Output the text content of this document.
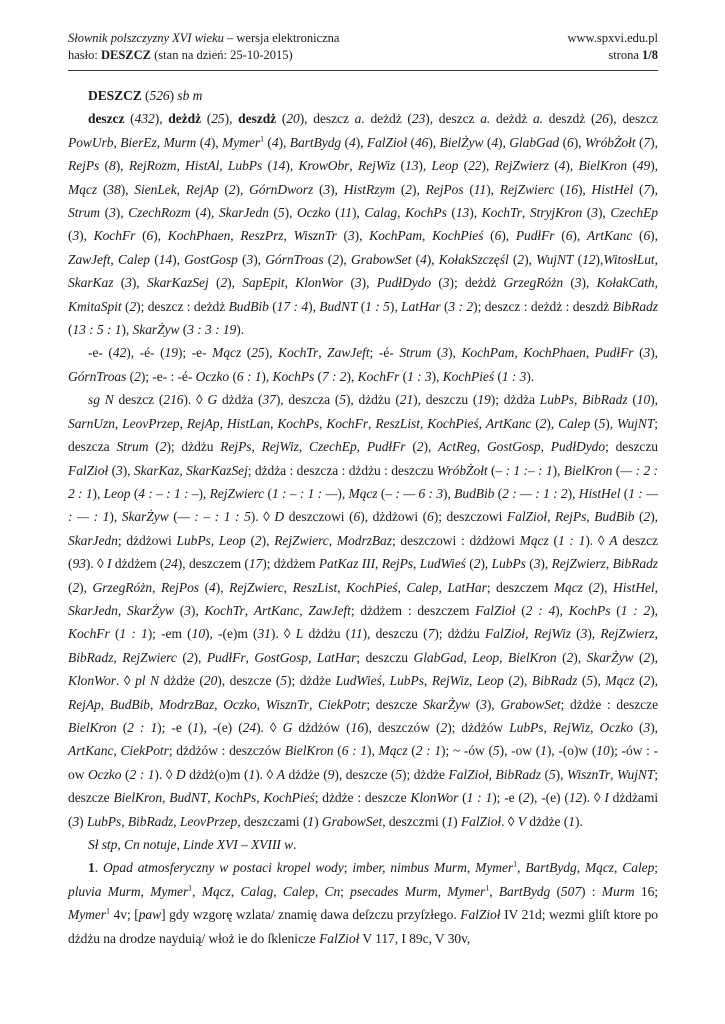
Słownik polszczyzny XVI wieku – wersja elektroniczna	www.spxvi.edu.pl
hasło: DESZCZ (stan na dzień: 25-10-2015)	strona 1/8

DESZCZ (526) sb m

deszcz (432), deżdż (25), deszdż (20), deszcz a. deżdż (23), deszcz a. deżdż a. deszdż (26), deszcz PowUrb, BierEz, Murm (4), Mymer$^1$ (4), BartBydg (4), FalZioł (46), BielŻyw (4), GlabGad (6), WróbŻołt (7), RejPs (8), RejRozm, HistAl, LubPs (14), KrowObr, RejWiz (13), Leop (22), RejZwierz (4), BielKron (49), Mącz (38), SienLek, RejAp (2), GórnDworz (3), HistRzym (2), RejPos (11), RejZwierc (16), HistHel (7), Strum (3), CzechRozm (4), SkarJedn (5), Oczko (11), Calag, KochPs (13), KochTr, StryjKron (3), CzechEp (3), KochFr (6), KochPhaen, ReszPrz, WisznTr (3), KochPam, KochPieś (6), PudłFr (6), ArtKanc (6), ZawJeft, Calep (14), GostGosp (3), GórnTroas (2), GrabowSet (4), KołakSzczęśl (2), WujNT (12),WitosłLut, SkarKaz (3), SkarKazSej (2), SapEpit, KlonWor (3), PudłDydo (3); deżdż GrzegRóżn (3), KołakCath, KmitaSpit (2); deszcz : deżdż BudBib (17 : 4), BudNT (1 : 5), LatHar (3 : 2); deszcz : deżdż : deszdż BibRadz (13 : 5 : 1), SkarŻyw (3 : 3 : 19).

-e- (42), -é- (19); -e- Mącz (25), KochTr, ZawJeft; -é- Strum (3), KochPam, KochPhaen, PudłFr (3), GórnTroas (2); -e- : -é- Oczko (6 : 1), KochPs (7 : 2), KochFr (1 : 3), KochPieś (1 : 3).

sg N deszcz (216). ◊ G dżdża (37), deszcza (5), dżdżu (21), deszczu (19); dżdża LubPs, BibRadz (10), SarnUzn, LeovPrzep, RejAp, HistLan, KochPs, KochFr, ReszList, KochPieś, ArtKanc (2), Calep (5), WujNT; deszcza Strum (2); dżdżu RejPs, RejWiz, CzechEp, PudłFr (2), ActReg, GostGosp, PudłDydo; deszczu FalZioł (3), SkarKaz, SkarKazSej; dżdża : deszcza : dżdżu : deszczu WróbŻołt (– : 1 :– : 1), BielKron (— : 2 : 2 : 1), Leop (4 : – : 1 : –), RejZwierc (1 : – : 1 : —), Mącz (– : — 6 : 3), BudBib (2 : — : 1 : 2), HistHel (1 : — : — : 1), SkarŻyw (— : – : 1 : 5). ◊ D deszczowi (6), dżdżowi (6); deszczowi FalZioł, RejPs, BudBib (2), SkarJedn; dżdżowi LubPs, Leop (2), RejZwierc, ModrzBaz; deszczowi : dżdżowi Mącz (1 : 1). ◊ A deszcz (93). ◊ I dżdżem (24), deszczem (17); dżdżem PatKaz III, RejPs, LudWieś (2), LubPs (3), RejZwierz, BibRadz (2), GrzegRóżn, RejPos (4), RejZwierc, ReszList, KochPieś, Calep, LatHar; deszczem Mącz (2), HistHel, SkarJedn, SkarŻyw (3), KochTr, ArtKanc, ZawJeft; dżdżem : deszczem FalZioł (2 : 4), KochPs (1 : 2), KochFr (1 : 1); -em (10), -(e)m (31). ◊ L dżdżu (11), deszczu (7); dżdżu FalZioł, RejWiz (3), RejZwierz, BibRadz, RejZwierc (2), PudłFr, GostGosp, LatHar; deszczu GlabGad, Leop, BielKron (2), SkarŻyw (2), KlonWor. ◊ pl N dżdże (20), deszcze (5); dżdże LudWieś, LubPs, RejWiz, Leop (2), BibRadz (5), Mącz (2), RejAp, BudBib, ModrzBaz, Oczko, WisznTr, CiekPotr; deszcze SkarŻyw (3), GrabowSet; dżdże : deszcze BielKron (2 : 1); -e (1), -(e) (24). ◊ G dżdżów (16), deszczów (2); dżdżów LubPs, RejWiz, Oczko (3), ArtKanc, CiekPotr; dżdżów : deszczów BielKron (6 : 1), Mącz (2 : 1); ~ -ów (5), -ow (1), -(o)w (10); -ów : -ow Oczko (2 : 1). ◊ D dżdż(o)m (1). ◊ A dżdże (9), deszcze (5); dżdże FalZioł, BibRadz (5), WisznTr, WujNT; deszcze BielKron, BudNT, KochPs, KochPieś; dżdże : deszcze KlonWor (1 : 1); -e (2), -(e) (12). ◊ I dżdżami (3) LubPs, BibRadz, LeovPrzep, deszczami (1) GrabowSet, deszczmi (1) FalZioł. ◊ V dżdże (1).

Sł stp, Cn notuje, Linde XVI – XVIII w.

1. Opad atmosferyczny w postaci kropel wody; imber, nimbus Murm, Mymer$^1$, BartBydg, Mącz, Calep; pluvia Murm, Mymer$^1$, Mącz, Calag, Calep, Cn; psecades Murm, Mymer$^1$, BartBydg (507) : Murm 16; Mymer$^1$ 4v; [paw] gdy wzgorę wzlata/ znamię dawa deſzczu przyſzłego. FalZioł IV 21d; wezmi gliſt ktore po dżdżu na drodze nayduią/ włoż ie do ſklenicze FalZioł V 117, I 89c, V 30v,
